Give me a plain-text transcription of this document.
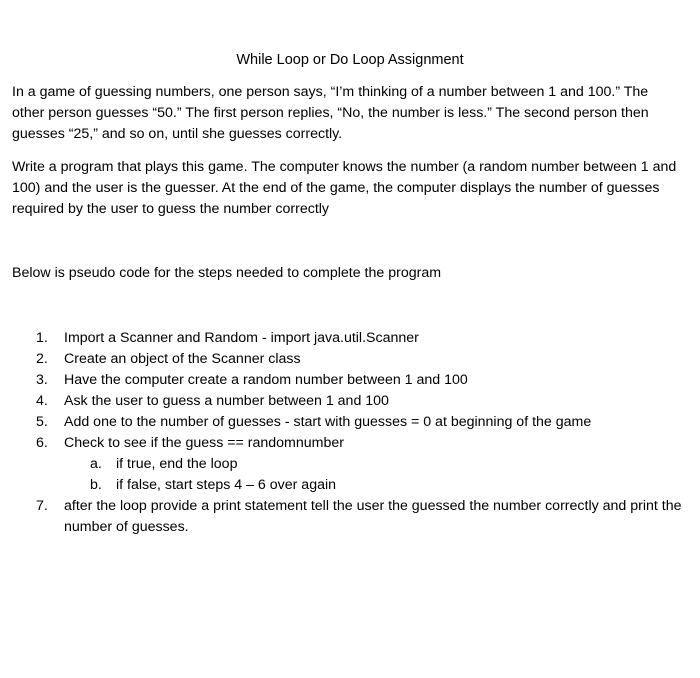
While Loop or Do Loop Assignment

In a game of guessing numbers, one person says, “I’m thinking of a number between 1 and 100.” The other person guesses “50.” The first person replies, “No, the number is less.” The second person then guesses “25,” and so on, until she guesses correctly.

Write a program that plays this game. The computer knows the number (a random number between 1 and 100) and the user is the guesser. At the end of the game, the computer displays the number of guesses required by the user to guess the number correctly

Below is pseudo code for the steps needed to complete the program

1.	Import a Scanner and Random - import java.util.Scanner
2.	Create an object of the Scanner class
3.	Have the computer create a random number between 1 and 100
4.	Ask the user to guess a number between 1 and 100
5.	Add one to the number of guesses - start with guesses = 0 at beginning of the game
6.	Check to see if the guess == randomnumber
a. if true, end the loop
b. if false, start steps 4 – 6 over again
7.	after the loop provide a print statement tell the user the guessed the number correctly and print the number of guesses.
